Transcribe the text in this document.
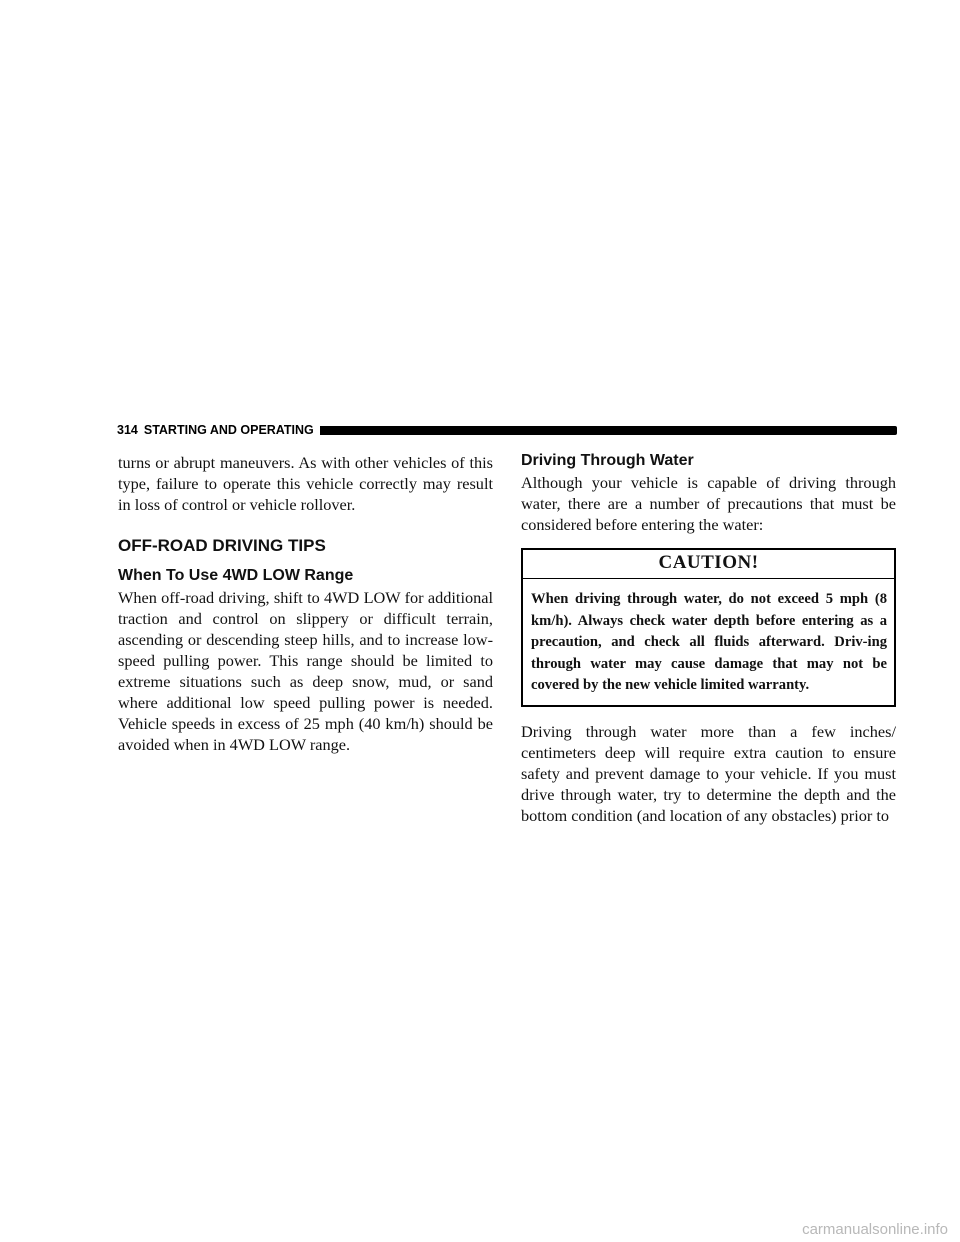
314 STARTING AND OPERATING

turns or abrupt maneuvers. As with other vehicles of this type, failure to operate this vehicle correctly may result in loss of control or vehicle rollover.

OFF-ROAD DRIVING TIPS
When To Use 4WD LOW Range

When off-road driving, shift to 4WD LOW for additional traction and control on slippery or difficult terrain, ascending or descending steep hills, and to increase low-speed pulling power. This range should be limited to extreme situations such as deep snow, mud, or sand where additional low speed pulling power is needed. Vehicle speeds in excess of 25 mph (40 km/h) should be avoided when in 4WD LOW range.

Driving Through Water

Although your vehicle is capable of driving through water, there are a number of precautions that must be considered before entering the water:

CAUTION!
When driving through water, do not exceed 5 mph (8 km/h). Always check water depth before entering as a precaution, and check all fluids afterward. Driv-ing through water may cause damage that may not be covered by the new vehicle limited warranty.

Driving through water more than a few inches/ centimeters deep will require extra caution to ensure safety and prevent damage to your vehicle. If you must drive through water, try to determine the depth and the bottom condition (and location of any obstacles) prior to

carmanualsonline.info
